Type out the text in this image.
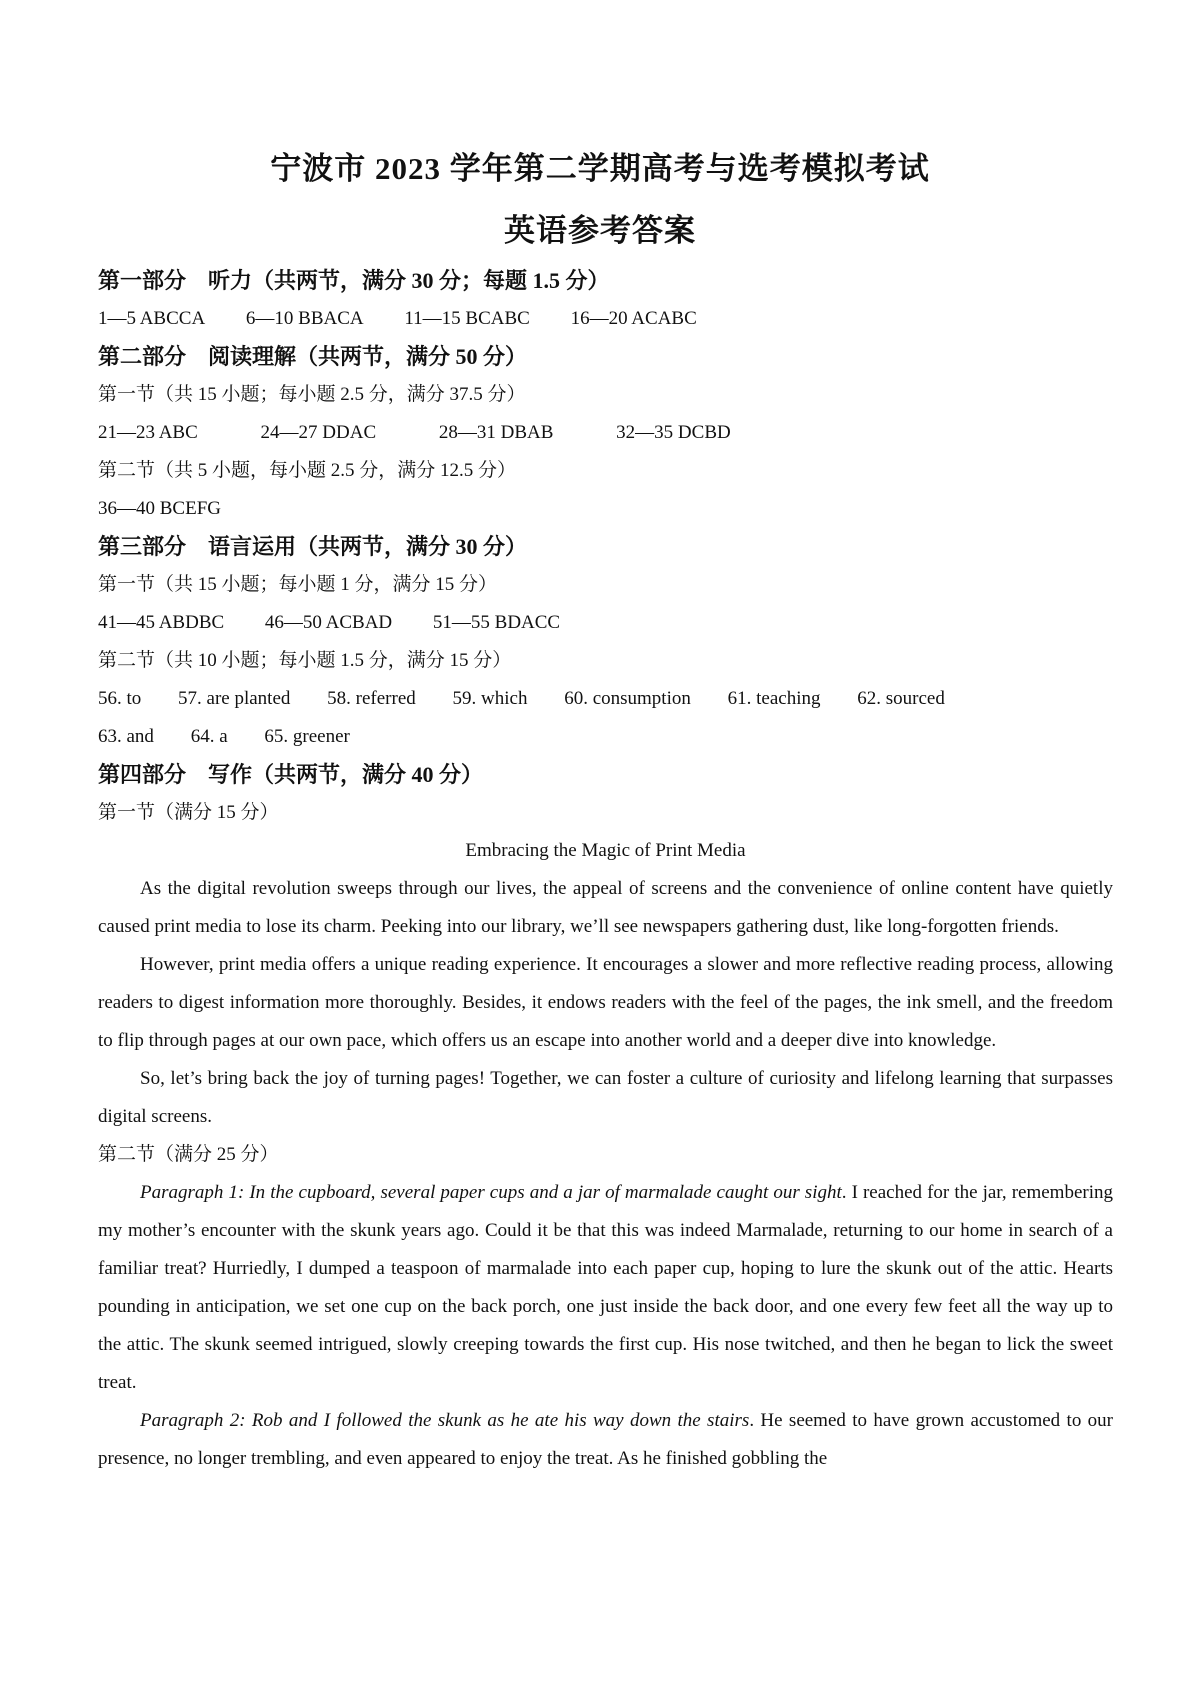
宁波市 2023 学年第二学期高考与选考模拟考试
英语参考答案
第一部分　听力（共两节，满分 30 分；每题 1.5 分）
1—5 ABCCA 6—10 BBACA 11—15 BCABC 16—20 ACABC
第二部分　阅读理解（共两节，满分 50 分）
第一节（共 15 小题；每小题 2.5 分，满分 37.5 分）
21—23 ABC	24—27 DDAC	28—31 DBAB	32—35 DCBD
第二节（共 5 小题，每小题 2.5 分，满分 12.5 分）
36—40 BCEFG
第三部分　语言运用（共两节，满分 30 分）
第一节（共 15 小题；每小题 1 分，满分 15 分）
41—45 ABDBC 46—50 ACBAD 51—55 BDACC
第二节（共 10 小题；每小题 1.5 分，满分 15 分）
56. to 57. are planted 58. referred 59. which 60. consumption 61. teaching 62. sourced
63. and 64. a 65. greener
第四部分　写作（共两节，满分 40 分）
第一节（满分 15 分）
Embracing the Magic of Print Media
As the digital revolution sweeps through our lives, the appeal of screens and the convenience of online content have quietly caused print media to lose its charm. Peeking into our library, we’ll see newspapers gathering dust, like long-forgotten friends.
However, print media offers a unique reading experience. It encourages a slower and more reflective reading process, allowing readers to digest information more thoroughly. Besides, it endows readers with the feel of the pages, the ink smell, and the freedom to flip through pages at our own pace, which offers us an escape into another world and a deeper dive into knowledge.
So, let’s bring back the joy of turning pages! Together, we can foster a culture of curiosity and lifelong learning that surpasses digital screens.
第二节（满分 25 分）
Paragraph 1: In the cupboard, several paper cups and a jar of marmalade caught our sight. I reached for the jar, remembering my mother’s encounter with the skunk years ago. Could it be that this was indeed Marmalade, returning to our home in search of a familiar treat? Hurriedly, I dumped a teaspoon of marmalade into each paper cup, hoping to lure the skunk out of the attic. Hearts pounding in anticipation, we set one cup on the back porch, one just inside the back door, and one every few feet all the way up to the attic. The skunk seemed intrigued, slowly creeping towards the first cup. His nose twitched, and then he began to lick the sweet treat.
Paragraph 2: Rob and I followed the skunk as he ate his way down the stairs. He seemed to have grown accustomed to our presence, no longer trembling, and even appeared to enjoy the treat. As he finished gobbling the
